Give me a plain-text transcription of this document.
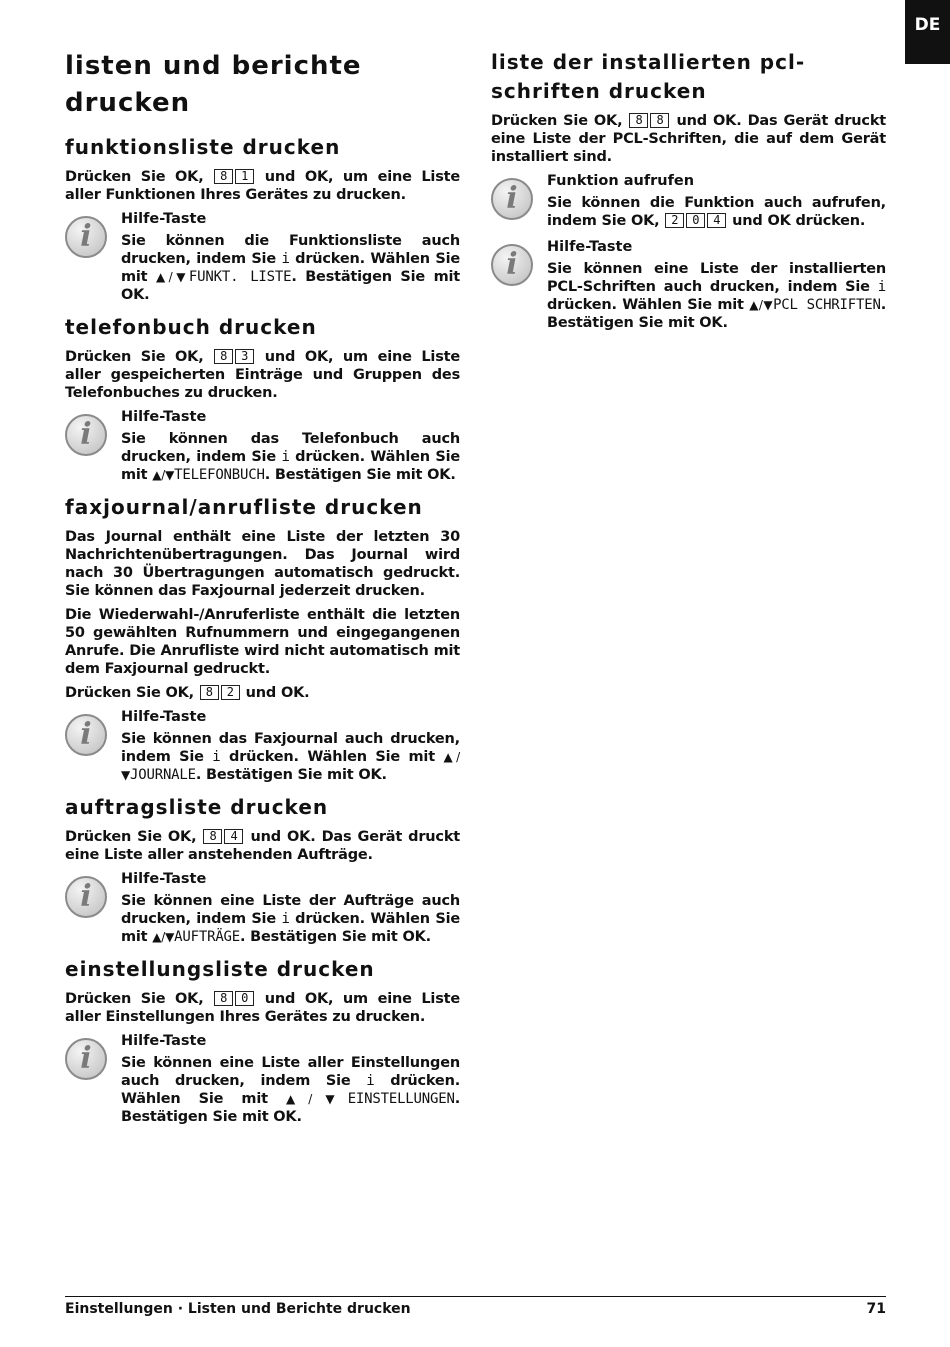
DE
listen und berichte drucken
funktionsliste drucken

Drücken Sie OK, 8 1 und OK, um eine Liste aller Funktionen Ihres Gerätes zu drucken.

i	Hilfe-Taste

Sie können die Funktionsliste auch drucken, indem Sie i drücken. Wählen Sie mit ▲/▼FUNKT. LISTE. Bestätigen Sie mit OK.

telefonbuch drucken

Drücken Sie OK, 8 3 und OK, um eine Liste aller gespeicherten Einträge und Gruppen des Telefonbuches zu drucken.

i	Hilfe-Taste

Sie können das Telefonbuch auch drucken, indem Sie i drücken. Wählen Sie mit ▲/▼TELEFONBUCH. Bestätigen Sie mit OK.

faxjournal/anrufliste drucken

Das Journal enthält eine Liste der letzten 30 Nachrichtenübertragungen. Das Journal wird nach 30 Übertragungen automatisch gedruckt. Sie können das Faxjournal jederzeit drucken.

Die Wiederwahl-/Anruferliste enthält die letzten 50 gewählten Rufnummern und eingegangenen Anrufe. Die Anrufliste wird nicht automatisch mit dem Faxjournal gedruckt.

Drücken Sie OK, 8 2 und OK.

i	Hilfe-Taste

Sie können das Faxjournal auch drucken, indem Sie i drücken. Wählen Sie mit ▲/▼JOURNALE. Bestätigen Sie mit OK.

auftragsliste drucken

Drücken Sie OK, 8 4 und OK. Das Gerät druckt eine Liste aller anstehenden Aufträge.

i	Hilfe-Taste

Sie können eine Liste der Aufträge auch drucken, indem Sie i drücken. Wählen Sie mit ▲/▼AUFTRÄGE. Bestätigen Sie mit OK.

einstellungsliste drucken

Drücken Sie OK, 8 0 und OK, um eine Liste aller Einstellungen Ihres Gerätes zu drucken.

i	Hilfe-Taste

Sie können eine Liste aller Einstellungen auch drucken, indem Sie i drücken. Wählen Sie mit ▲/▼EINSTELLUNGEN. Bestätigen Sie mit OK.

liste der installierten pcl-schriften drucken

Drücken Sie OK, 8 8 und OK. Das Gerät druckt eine Liste der PCL-Schriften, die auf dem Gerät installiert sind.

i	Funktion aufrufen

Sie können die Funktion auch aufrufen, indem Sie OK, 2 0 4 und OK drücken.

i	Hilfe-Taste

Sie können eine Liste der installierten PCL-Schriften auch drucken, indem Sie i drücken. Wählen Sie mit ▲/▼PCL SCHRIFTEN. Bestätigen Sie mit OK.

Einstellungen · Listen und Berichte drucken	71
